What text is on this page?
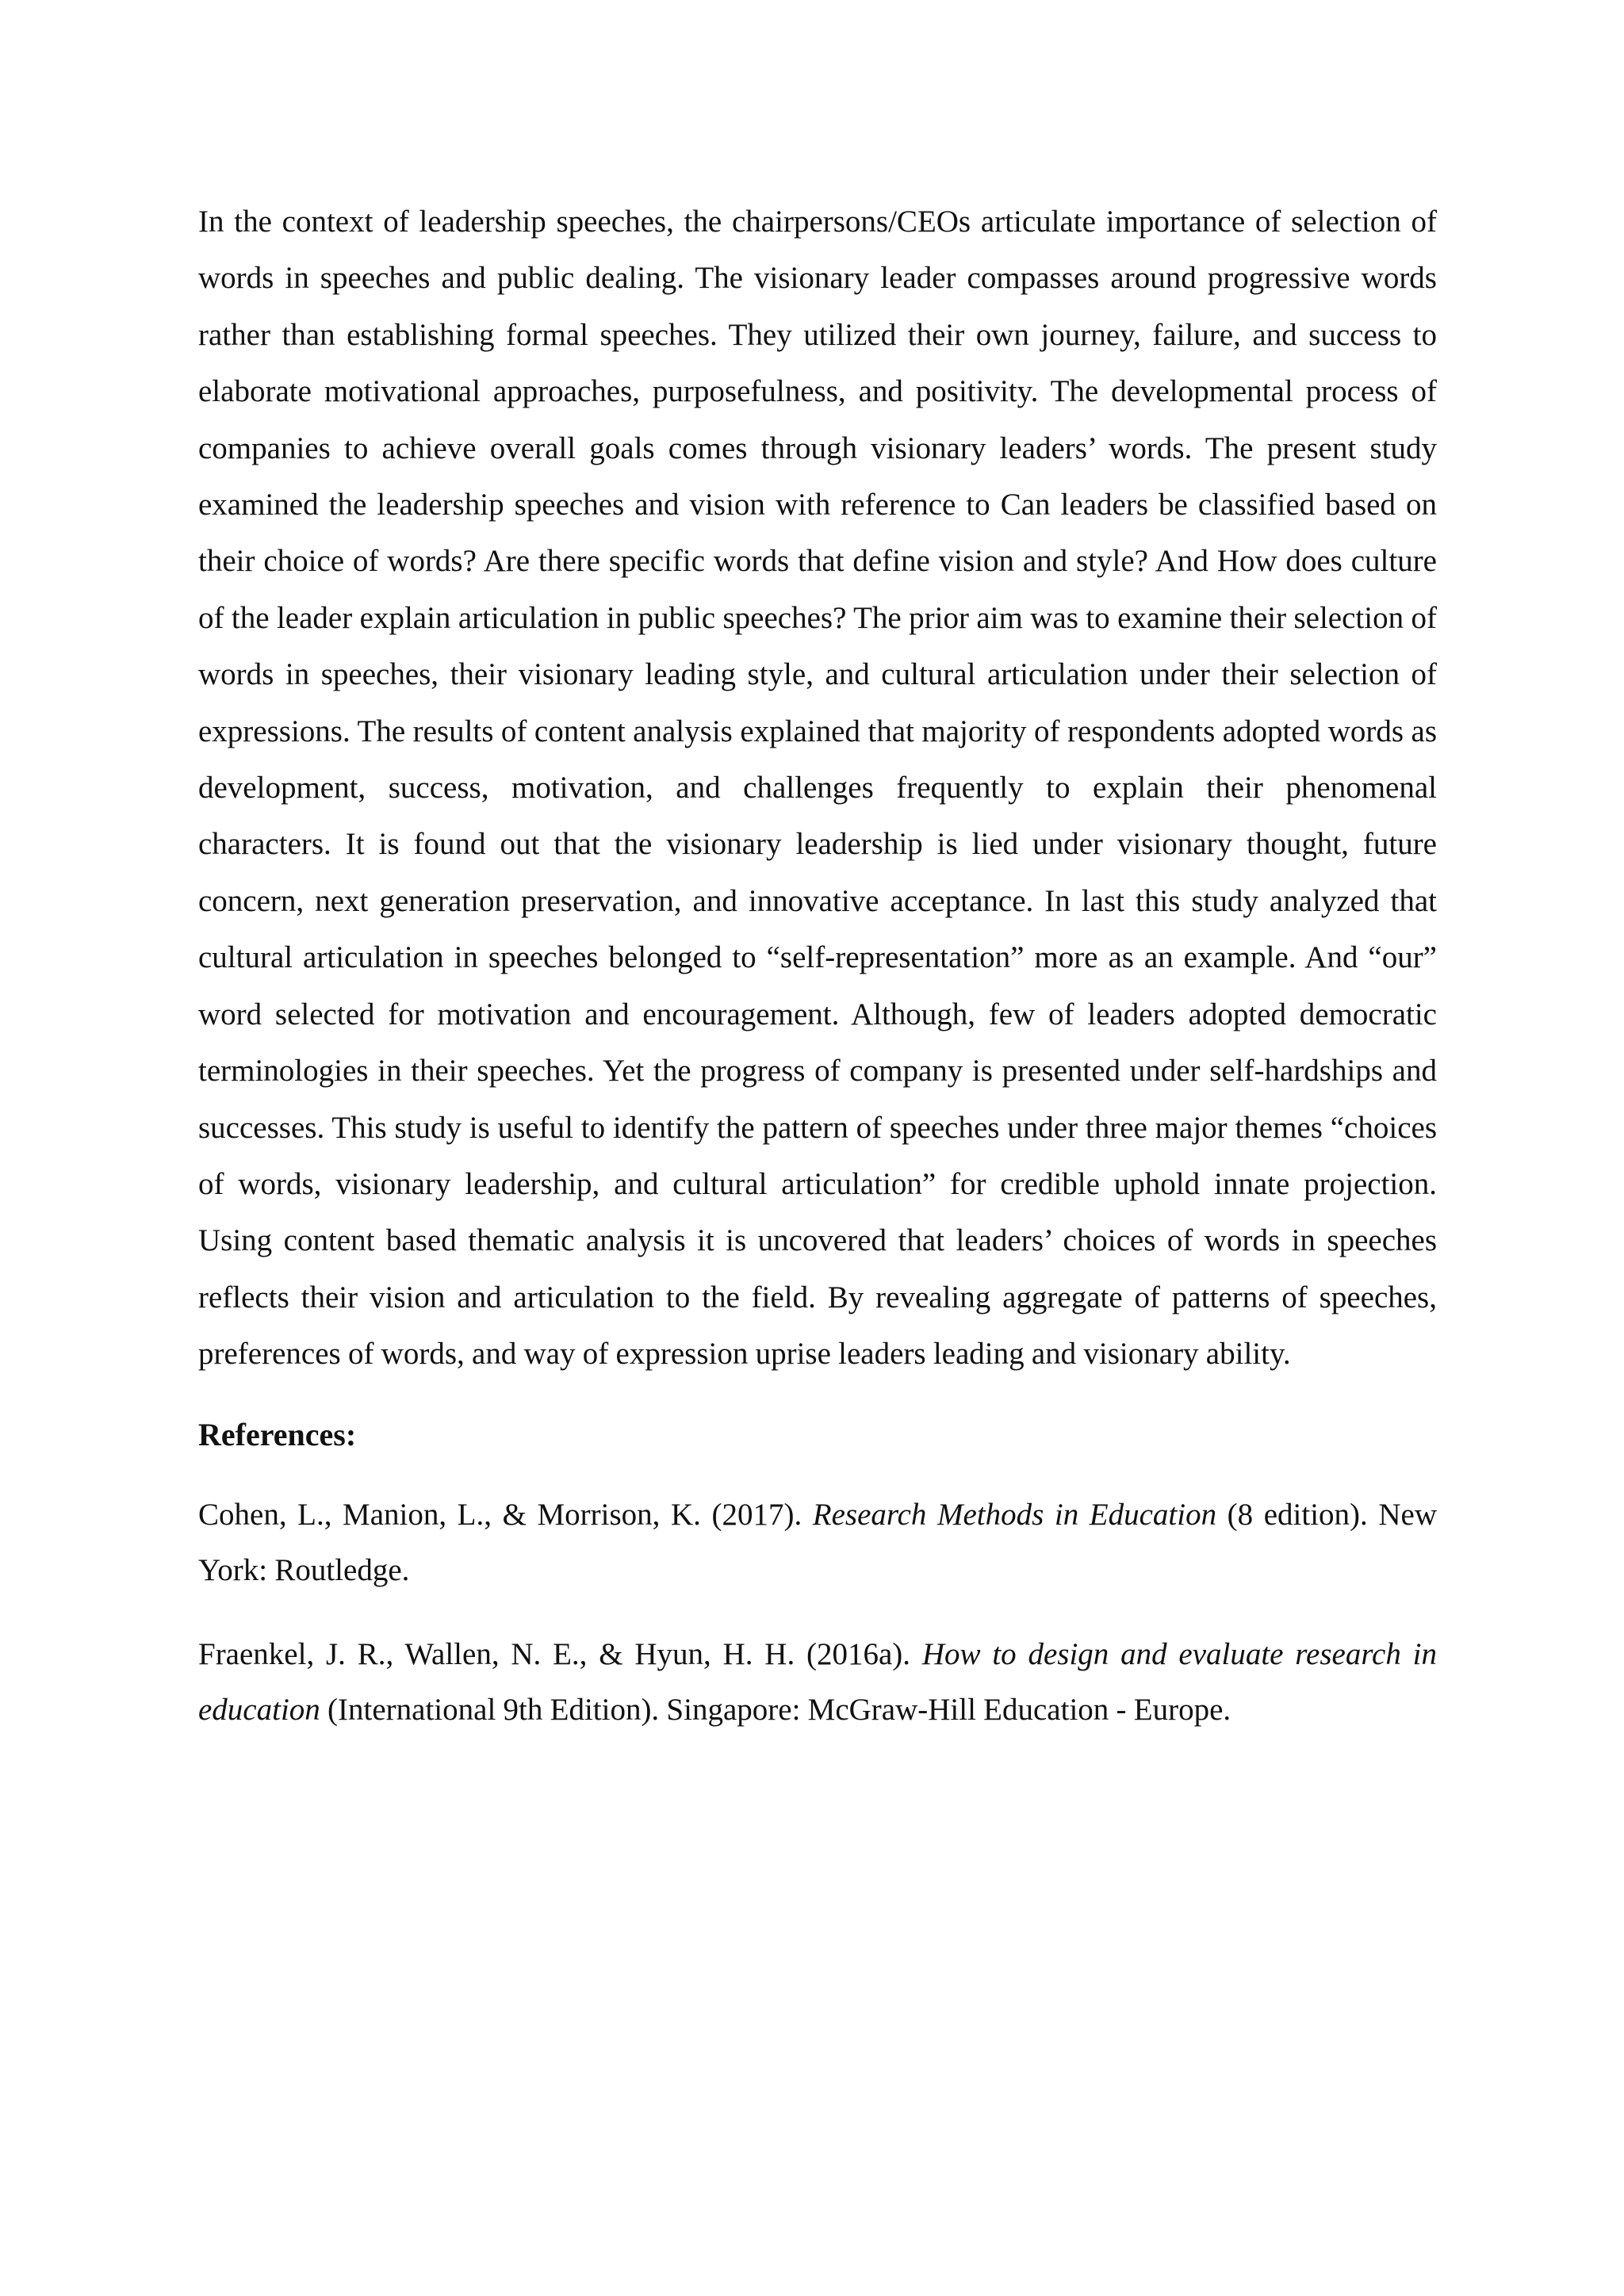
In the context of leadership speeches, the chairpersons/CEOs articulate importance of selection of words in speeches and public dealing. The visionary leader compasses around progressive words rather than establishing formal speeches. They utilized their own journey, failure, and success to elaborate motivational approaches, purposefulness, and positivity. The developmental process of companies to achieve overall goals comes through visionary leaders’ words. The present study examined the leadership speeches and vision with reference to Can leaders be classified based on their choice of words? Are there specific words that define vision and style? And How does culture of the leader explain articulation in public speeches? The prior aim was to examine their selection of words in speeches, their visionary leading style, and cultural articulation under their selection of expressions. The results of content analysis explained that majority of respondents adopted words as development, success, motivation, and challenges frequently to explain their phenomenal characters. It is found out that the visionary leadership is lied under visionary thought, future concern, next generation preservation, and innovative acceptance. In last this study analyzed that cultural articulation in speeches belonged to “self-representation” more as an example. And “our” word selected for motivation and encouragement. Although, few of leaders adopted democratic terminologies in their speeches. Yet the progress of company is presented under self-hardships and successes. This study is useful to identify the pattern of speeches under three major themes “choices of words, visionary leadership, and cultural articulation” for credible uphold innate projection. Using content based thematic analysis it is uncovered that leaders’ choices of words in speeches reflects their vision and articulation to the field. By revealing aggregate of patterns of speeches, preferences of words, and way of expression uprise leaders leading and visionary ability.

References:

Cohen, L., Manion, L., & Morrison, K. (2017). Research Methods in Education (8 edition). New York: Routledge.

Fraenkel, J. R., Wallen, N. E., & Hyun, H. H. (2016a). How to design and evaluate research in education (International 9th Edition). Singapore: McGraw-Hill Education - Europe.
